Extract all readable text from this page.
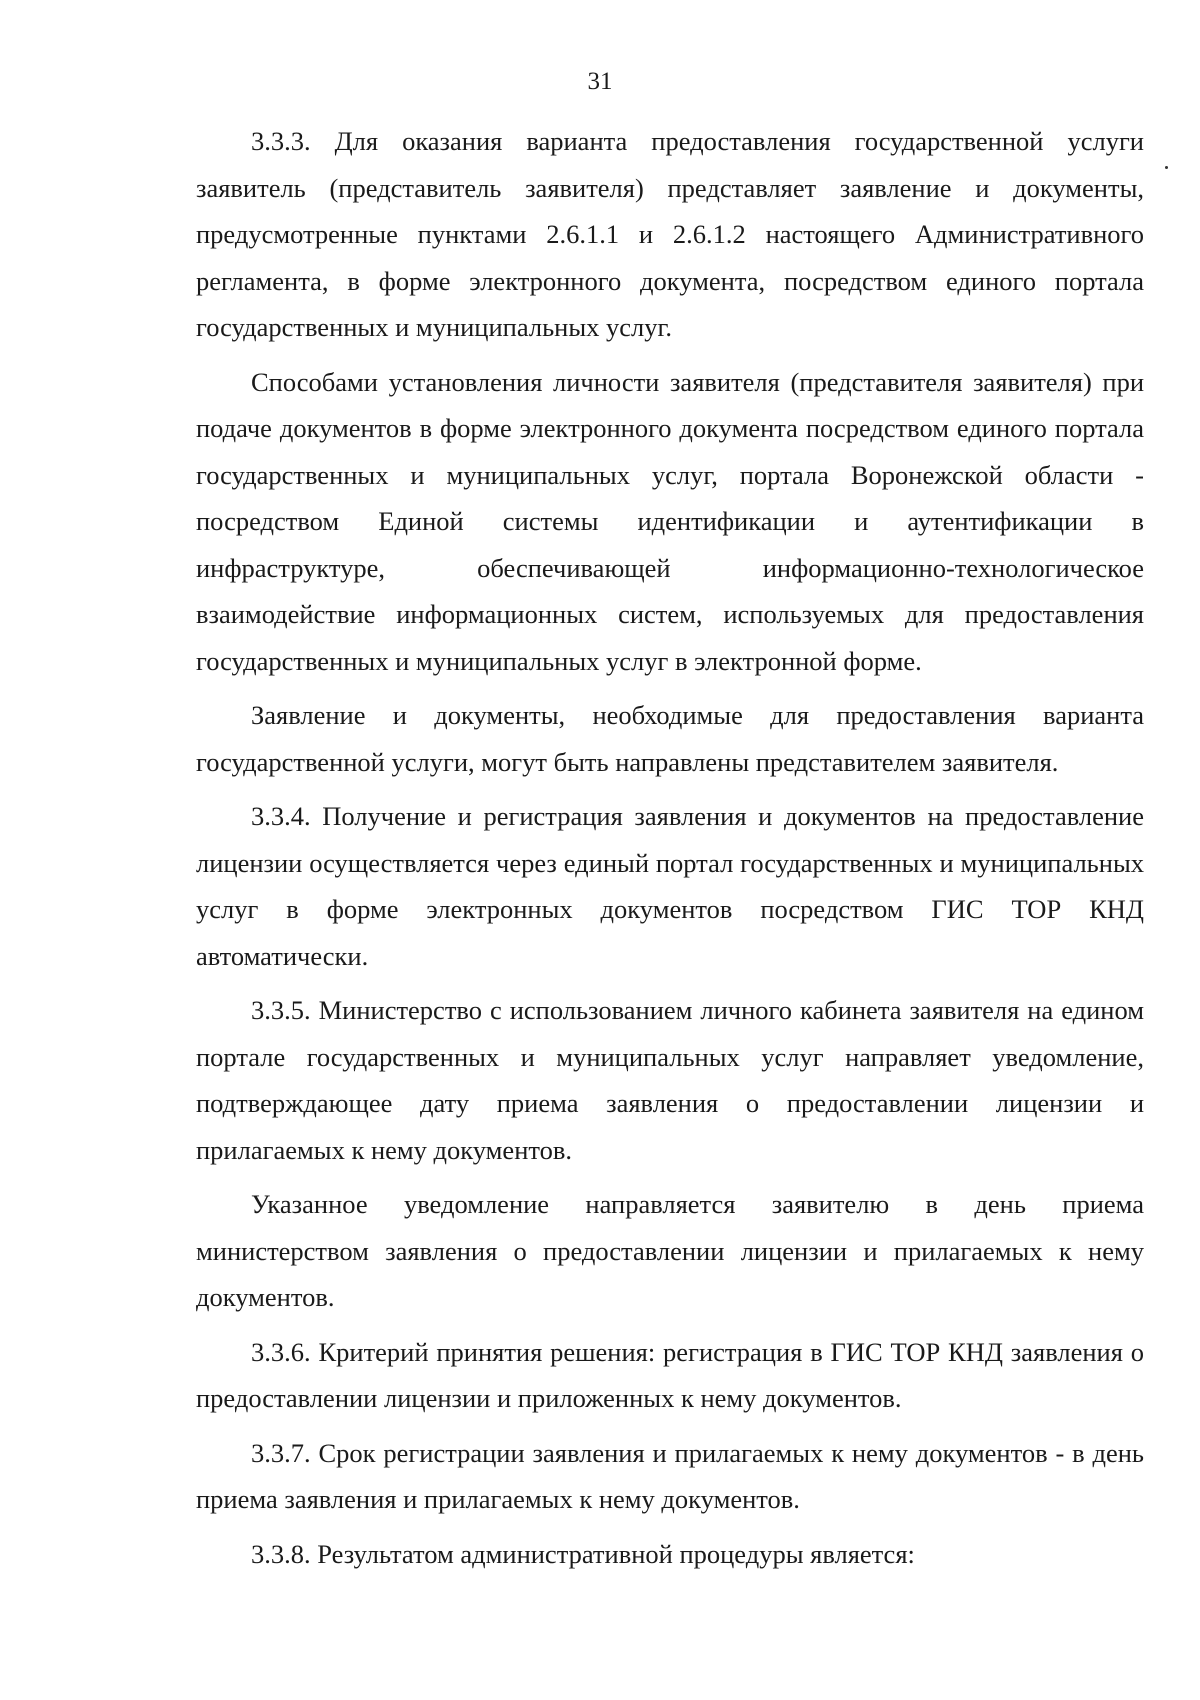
31

3.3.3. Для оказания варианта предоставления государственной услуги заявитель (представитель заявителя) представляет заявление и документы, предусмотренные пунктами 2.6.1.1 и 2.6.1.2 настоящего Административного регламента, в форме электронного документа, посредством единого портала государственных и муниципальных услуг.

Способами установления личности заявителя (представителя заявителя) при подаче документов в форме электронного документа посредством единого портала государственных и муниципальных услуг, портала Воронежской области - посредством Единой системы идентификации и аутентификации в инфраструктуре, обеспечивающей информационно-технологическое взаимодействие информационных систем, используемых для предоставления государственных и муниципальных услуг в электронной форме.

Заявление и документы, необходимые для предоставления варианта государственной услуги, могут быть направлены представителем заявителя.

3.3.4. Получение и регистрация заявления и документов на предоставление лицензии осуществляется через единый портал государственных и муниципальных услуг в форме электронных документов посредством ГИС ТОР КНД автоматически.

3.3.5. Министерство с использованием личного кабинета заявителя на едином портале государственных и муниципальных услуг направляет уведомление, подтверждающее дату приема заявления о предоставлении лицензии и прилагаемых к нему документов.

Указанное уведомление направляется заявителю в день приема министерством заявления о предоставлении лицензии и прилагаемых к нему документов.

3.3.6. Критерий принятия решения: регистрация в ГИС ТОР КНД заявления о предоставлении лицензии и приложенных к нему документов.

3.3.7. Срок регистрации заявления и прилагаемых к нему документов - в день приема заявления и прилагаемых к нему документов.

3.3.8. Результатом административной процедуры является:
